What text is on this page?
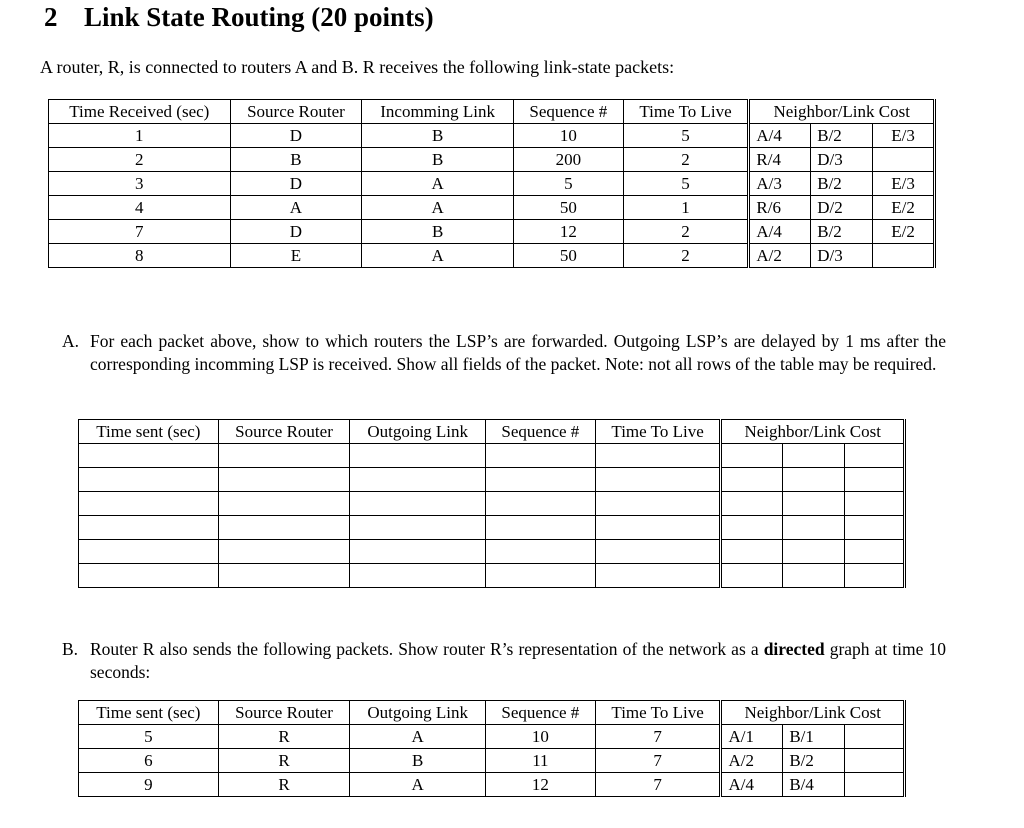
2 Link State Routing (20 points)
A router, R, is connected to routers A and B. R receives the following link-state packets:
Time Received (sec)	Source Router	Incomming Link	Sequence #	Time To Live	Neighbor/Link Cost		
1	D	B	10	5	A/4	B/2	E/3
2	B	B	200	2	R/4	D/3	
3	D	A	5	5	A/3	B/2	E/3
4	A	A	50	1	R/6	D/2	E/2
7	D	B	12	2	A/4	B/2	E/2
8	E	A	50	2	A/2	D/3	
A. For each packet above, show to which routers the LSP’s are forwarded. Outgoing LSP’s are delayed by 1 ms after the corresponding incomming LSP is received. Show all fields of the packet. Note: not all rows of the table may be required.
Time sent (sec)	Source Router	Outgoing Link	Sequence #	Time To Live	Neighbor/Link Cost		

B. Router R also sends the following packets. Show router R’s representation of the network as a directed graph at time 10 seconds:
Time sent (sec)	Source Router	Outgoing Link	Sequence #	Time To Live	Neighbor/Link Cost		
5	R	A	10	7	A/1	B/1	
6	R	B	11	7	A/2	B/2	
9	R	A	12	7	A/4	B/4	
